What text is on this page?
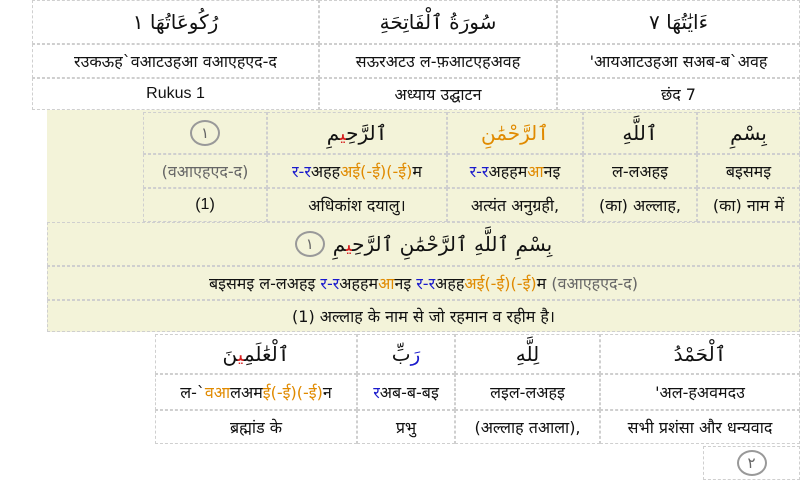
رُكُوعَاتُهَا ١	سُورَةُ ٱلْفَاتِحَةِ	ءَايَٰتُهَا ٧
रउकऊह`वआटउहआ वआएहएद-द	सऊरअटउ ल-फ़आटएहअवह	'आयआटउहआ सअब-ब`अवह
Rukus 1	अध्याय उद्घाटन	छंद 7
١	ٱلرَّحِيمِ	ٱلرَّحْمَٰنِ	ٱللَّهِ	بِسْمِ
(वआएहएद-द)	र-रअहहअई(-ई)(-ई)म	र-रअहहमआनइ	ल-लअहइ	बइसमइ
(1)	अधिकांश दयालु।	अत्यंत अनुग्रही,	(का) अल्लाह,	(का) नाम में
١	بِسْمِ ٱللَّهِ ٱلرَّحْمَٰنِ ٱلرَّحِيمِ
बइसमइ ल-लअहइ र-रअहहमआनइ र-रअहहअई(-ई)(-ई)म (वआएहएद-द)
(1) अल्लाह के नाम से जो रहमान व रहीम है।
ٱلْعَٰلَمِينَ	رَبِّ	لِلَّهِ	ٱلْحَمْدُ
ल-`वआलअमई(-ई)(-ई)न	रअब-ब-बइ	लइल-लअहइ	'अल-हअवमदउ
ब्रह्मांड के	प्रभु	(अल्लाह तआला),	सभी प्रशंसा और धन्यवाद
٢
